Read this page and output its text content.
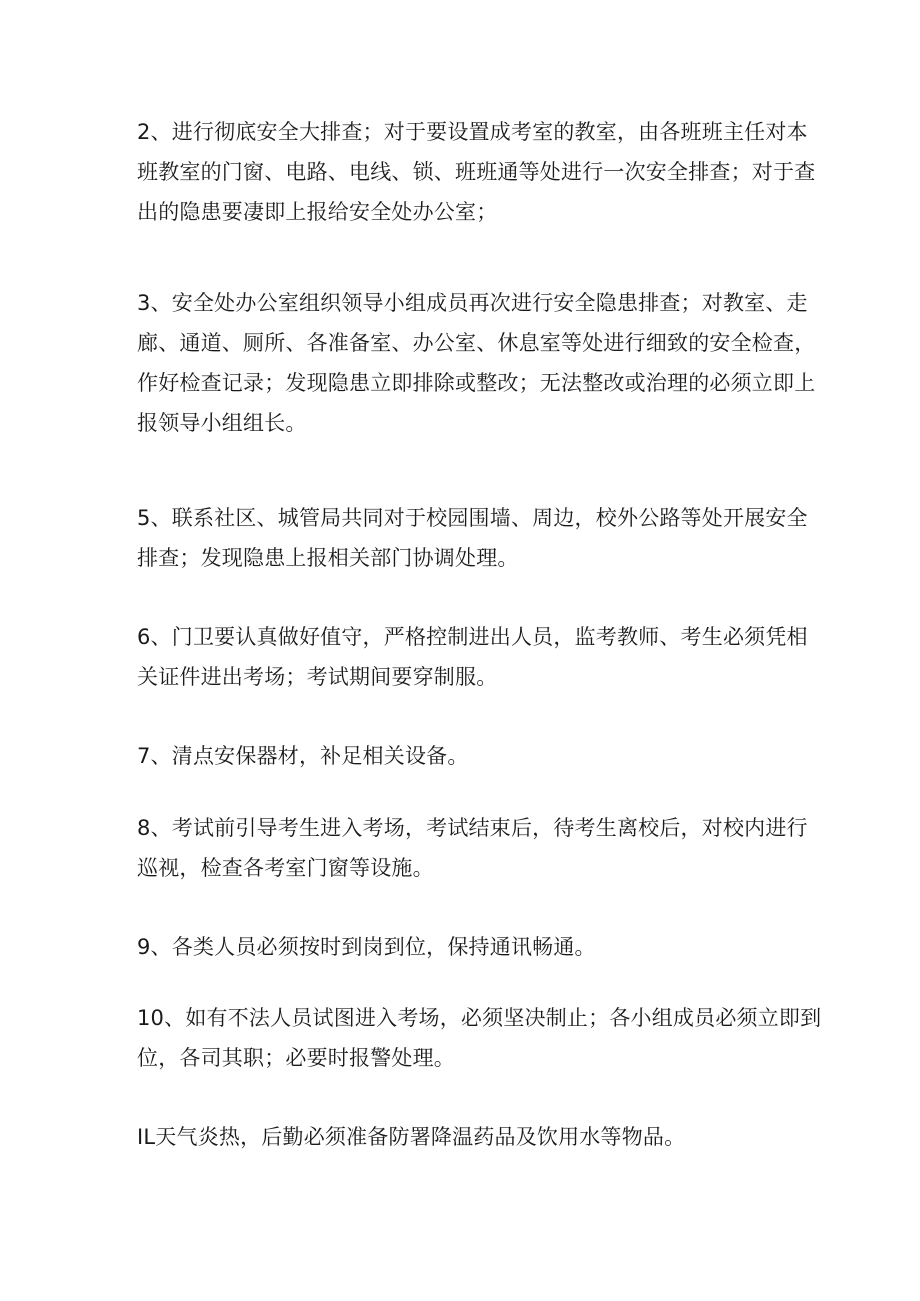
2、进行彻底安全大排查；对于要设置成考室的教室，由各班班主任对本
班教室的门窗、电路、电线、锁、班班通等处进行一次安全排查；对于查
出的隐患要凄即上报给安全处办公室；

3、安全处办公室组织领导小组成员再次进行安全隐患排查；对教室、走
廊、通道、厕所、各准备室、办公室、休息室等处进行细致的安全检查，
作好检查记录；发现隐患立即排除或整改；无法整改或治理的必须立即上
报领导小组组长。

5、联系社区、城管局共同对于校园围墙、周边，校外公路等处开展安全
排查；发现隐患上报相关部门协调处理。

6、门卫要认真做好值守，严格控制进出人员，监考教师、考生必须凭相
关证件进出考场；考试期间要穿制服。

7、清点安保器材，补足相关设备。

8、考试前引导考生进入考场，考试结束后，待考生离校后，对校内进行
巡视，检查各考室门窗等设施。

9、各类人员必须按时到岗到位，保持通讯畅通。

10、如有不法人员试图进入考场，必须坚决制止；各小组成员必须立即到
位，各司其职；必要时报警处理。

IL天气炎热，后勤必须准备防署降温药品及饮用水等物品。
